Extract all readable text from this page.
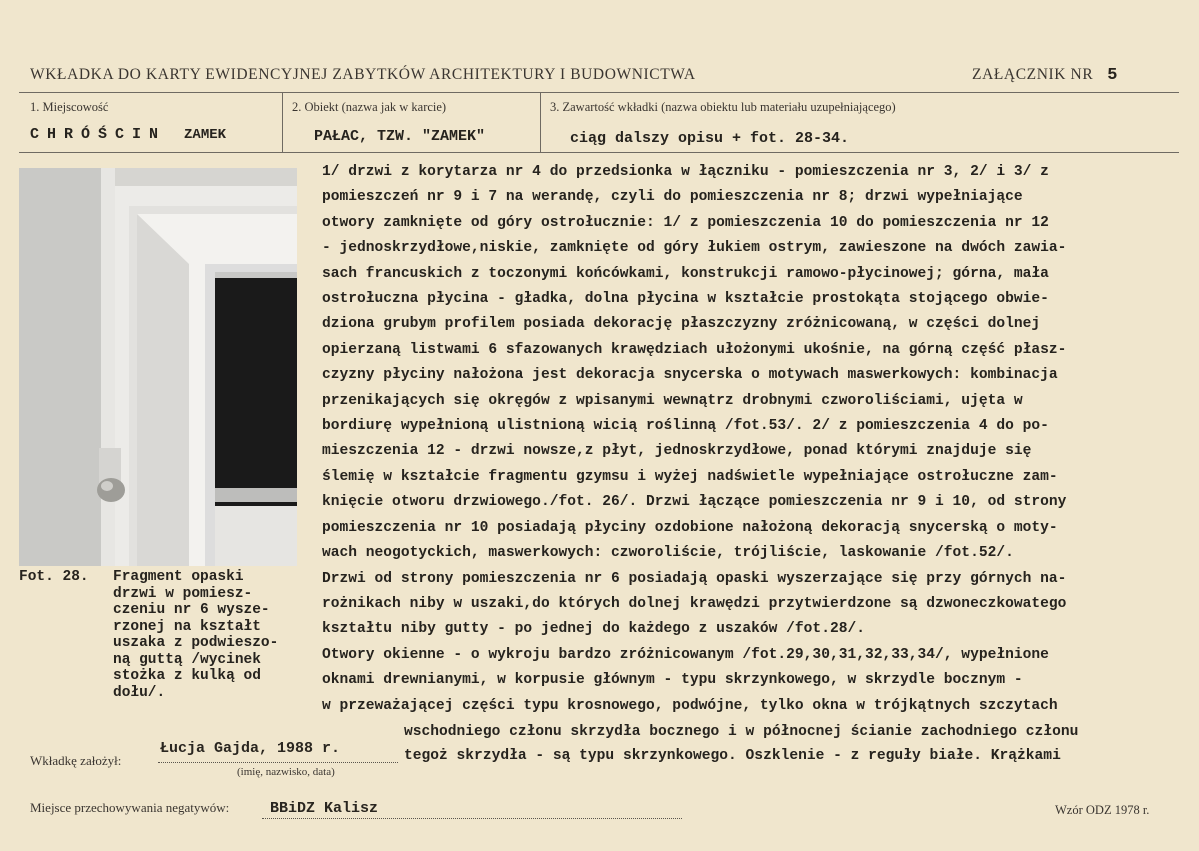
WKŁADKA DO KARTY EWIDENCYJNEJ ZABYTKÓW ARCHITEKTURY I BUDOWNICTWA	ZAŁĄCZNIK NR 5
1. Miejscowość
CHRÓŚCIN ZAMEK
2. Obiekt (nazwa jak w karcie)
PAŁAC, TZW. "ZAMEK"
3. Zawartość wkładki (nazwa obiektu lub materiału uzupełniającego)
ciąg dalszy opisu + fot. 28-34.
Fot. 28. Fragment opaski
drzwi w pomiesz-
czeniu nr 6 wysze-
rzonej na kształt
uszaka z podwieszo-
ną guttą /wycinek
stożka z kulką od
dołu/.
1/ drzwi z korytarza nr 4 do przedsionka w łączniku - pomieszczenia nr 3, 2/ i 3/ z
pomieszczeń nr 9 i 7 na werandę, czyli do pomieszczenia nr 8; drzwi wypełniające
otwory zamknięte od góry ostrołucznie: 1/ z pomieszczenia 10 do pomieszczenia nr 12
- jednoskrzydłowe,niskie, zamknięte od góry łukiem ostrym, zawieszone na dwóch zawia-
sach francuskich z toczonymi końcówkami, konstrukcji ramowo-płycinowej; górna, mała
ostrołuczna płycina - gładka, dolna płycina w kształcie prostokąta stojącego obwie-
dziona grubym profilem posiada dekorację płaszczyzny zróżnicowaną, w części dolnej
opierzaną listwami 6 sfazowanych krawędziach ułożonymi ukośnie, na górną część płasz-
czyzny płyciny nałożona jest dekoracja snycerska o motywach maswerkowych: kombinacja
przenikających się okręgów z wpisanymi wewnątrz drobnymi czworoliściami, ujęta w
bordiurę wypełnioną ulistnioną wicią roślinną /fot.53/. 2/ z pomieszczenia 4 do po-
mieszczenia 12 - drzwi nowsze,z płyt, jednoskrzydłowe, ponad którymi znajduje się
ślemię w kształcie fragmentu gzymsu i wyżej nadświetle wypełniające ostrołuczne zam-
knięcie otworu drzwiowego./fot. 26/. Drzwi łączące pomieszczenia nr 9 i 10, od strony
pomieszczenia nr 10 posiadają płyciny ozdobione nałożoną dekoracją snycerską o moty-
wach neogotyckich, maswerkowych: czworoliście, trójliście, laskowanie /fot.52/.
Drzwi od strony pomieszczenia nr 6 posiadają opaski wyszerzające się przy górnych na-
rożnikach niby w uszaki,do których dolnej krawędzi przytwierdzone są dzwoneczkowatego
kształtu niby gutty - po jednej do każdego z uszaków /fot.28/.
Otwory okienne - o wykroju bardzo zróżnicowanym /fot.29,30,31,32,33,34/, wypełnione
oknami drewnianymi, w korpusie głównym - typu skrzynkowego, w skrzydle bocznym -
w przeważającej części typu krosnowego, podwójne, tylko okna w trójkątnych szczytach
wschodniego członu skrzydła bocznego i w północnej ścianie zachodniego członu
tegoż skrzydła - są typu skrzynkowego. Oszklenie - z reguły białe. Krążkami
Wkładkę założył:
Łucja Gajda, 1988 r.
(imię, nazwisko, data)
Miejsce przechowywania negatywów:	BBiDZ Kalisz	Wzór ODZ 1978 r.
